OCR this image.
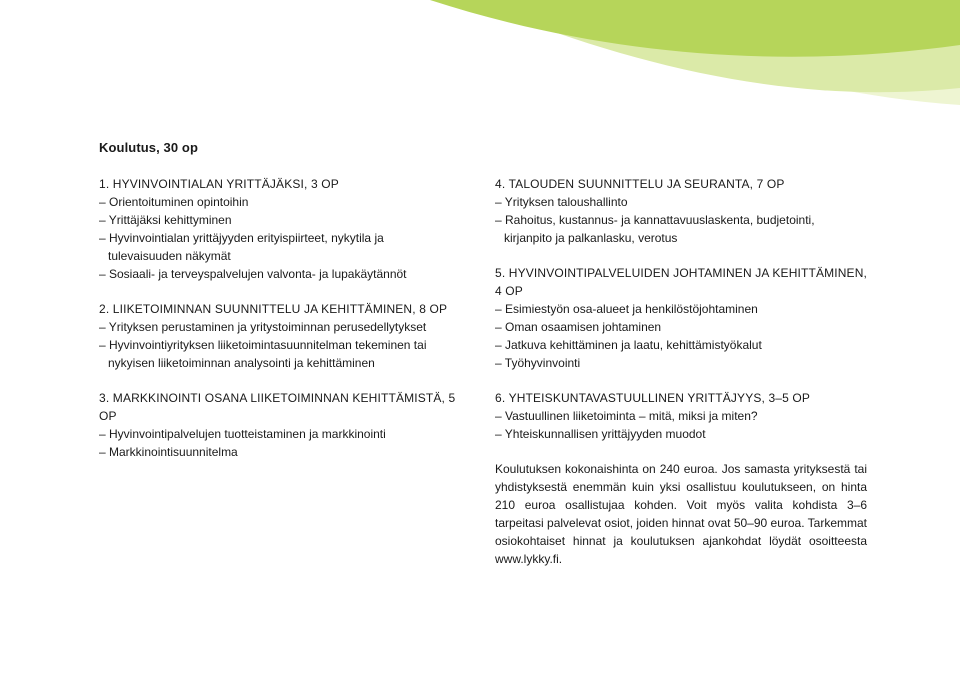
Koulutus, 30 op
1. HYVINVOINTIALAN YRITTÄJÄKSI, 3 OP
– Orientoituminen opintoihin
– Yrittäjäksi kehittyminen
– Hyvinvointialan yrittäjyyden erityispiirteet, nykytila ja tulevaisuuden näkymät
– Sosiaali- ja terveyspalvelujen valvonta- ja lupakäytännöt
2. LIIKETOIMINNAN SUUNNITTELU JA KEHITTÄMINEN, 8 OP
– Yrityksen perustaminen ja yritystoiminnan perusedellytykset
– Hyvinvointiyrityksen liiketoimintasuunnitelman tekeminen tai nykyisen liiketoiminnan analysointi ja kehittäminen
3. MARKKINOINTI OSANA LIIKETOIMINNAN KEHITTÄMISTÄ, 5 OP
– Hyvinvointipalvelujen tuotteistaminen ja markkinointi
– Markkinointisuunnitelma
4. TALOUDEN SUUNNITTELU JA SEURANTA, 7 OP
– Yrityksen taloushallinto
– Rahoitus, kustannus- ja kannattavuuslaskenta, budjetointi, kirjanpito ja palkanlasku, verotus
5. HYVINVOINTIPALVELUIDEN JOHTAMINEN JA KEHITTÄMINEN, 4 OP
– Esimiestyön osa-alueet ja henkilöstöjohtaminen
– Oman osaamisen johtaminen
– Jatkuva kehittäminen ja laatu, kehittämistyökalut
– Työhyvinvointi
6. YHTEISKUNTAVASTUULLINEN YRITTÄJYYS, 3–5 OP
– Vastuullinen liiketoiminta – mitä, miksi ja miten?
– Yhteiskunnallisen yrittäjyyden muodot
Koulutuksen kokonaishinta on 240 euroa. Jos samasta yrityksestä tai yhdistyksestä enemmän kuin yksi osallistuu koulutukseen, on hinta 210 euroa osallistujaa kohden. Voit myös valita kohdista 3–6 tarpeitasi palvelevat osiot, joiden hinnat ovat 50–90 euroa. Tarkemmat osiokohtaiset hinnat ja koulutuksen ajankohdat löydät osoitteesta www.lykky.fi.
